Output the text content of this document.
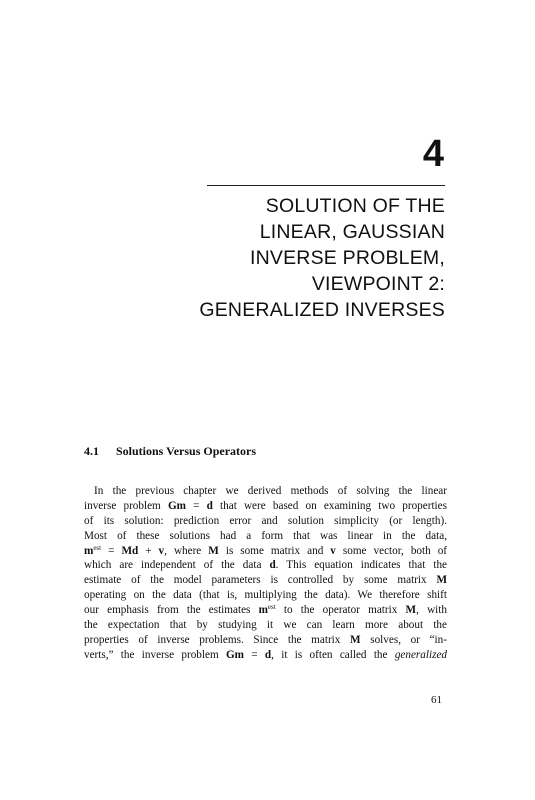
4
SOLUTION OF THE
LINEAR, GAUSSIAN
INVERSE PROBLEM,
VIEWPOINT 2:
GENERALIZED INVERSES
4.1 Solutions Versus Operators
In the previous chapter we derived methods of solving the linear
inverse problem Gm = d that were based on examining two properties
of its solution: prediction error and solution simplicity (or length).
Most of these solutions had a form that was linear in the data,
$m^{est} = Md + v$, where M is some matrix and v some vector, both of
which are independent of the data d. This equation indicates that the
estimate of the model parameters is controlled by some matrix M
operating on the data (that is, multiplying the data). We therefore shift
our emphasis from the estimates $m^{est}$ to the operator matrix M, with
the expectation that by studying it we can learn more about the
properties of inverse problems. Since the matrix M solves, or “in-
verts,” the inverse problem Gm = d, it is often called the generalized
61
